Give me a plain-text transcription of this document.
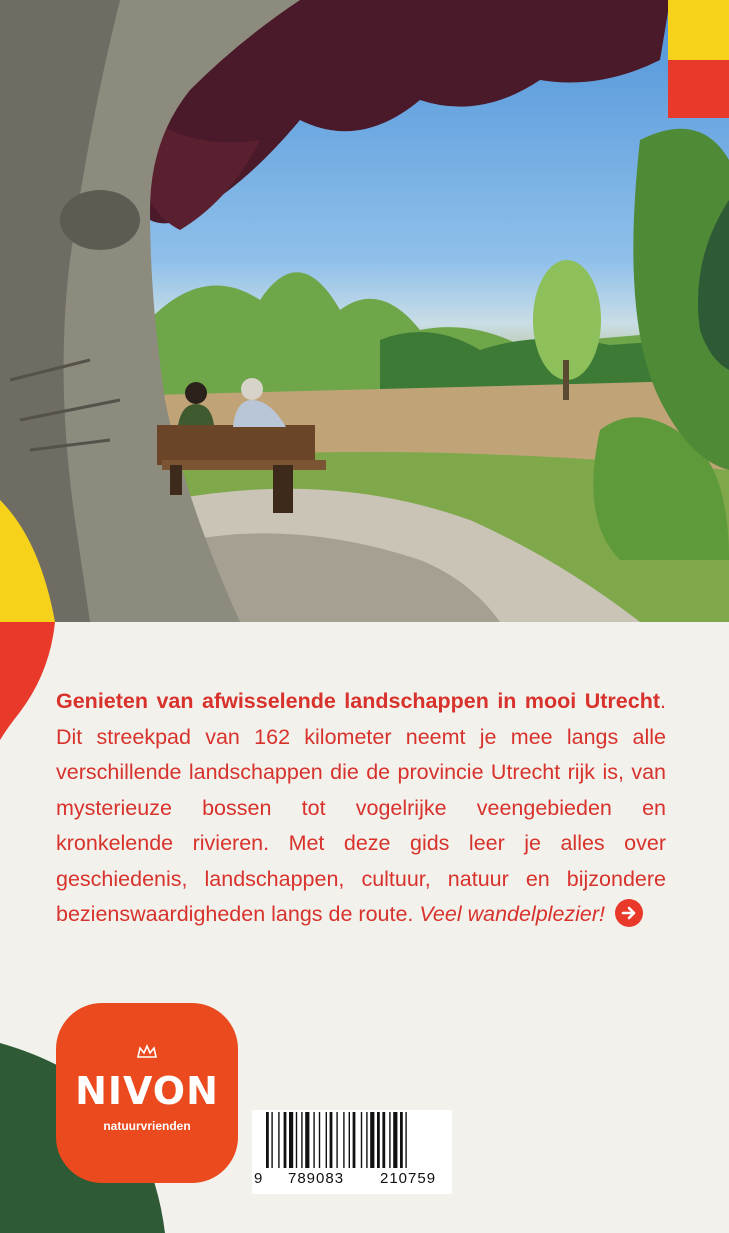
Genieten van afwisselende landschappen in mooi Utrecht. Dit streekpad van 162 kilometer neemt je mee langs alle verschillende landschappen die de provincie Utrecht rijk is, van mysterieuze bossen tot vogelrijke veengebieden en kronkelende rivieren. Met deze gids leer je alles over geschiedenis, landschappen, cultuur, natuur en bijzondere bezienswaardigheden langs de route. Veel wandelplezier!
NIVON
natuurvrienden
9 789083 210759
